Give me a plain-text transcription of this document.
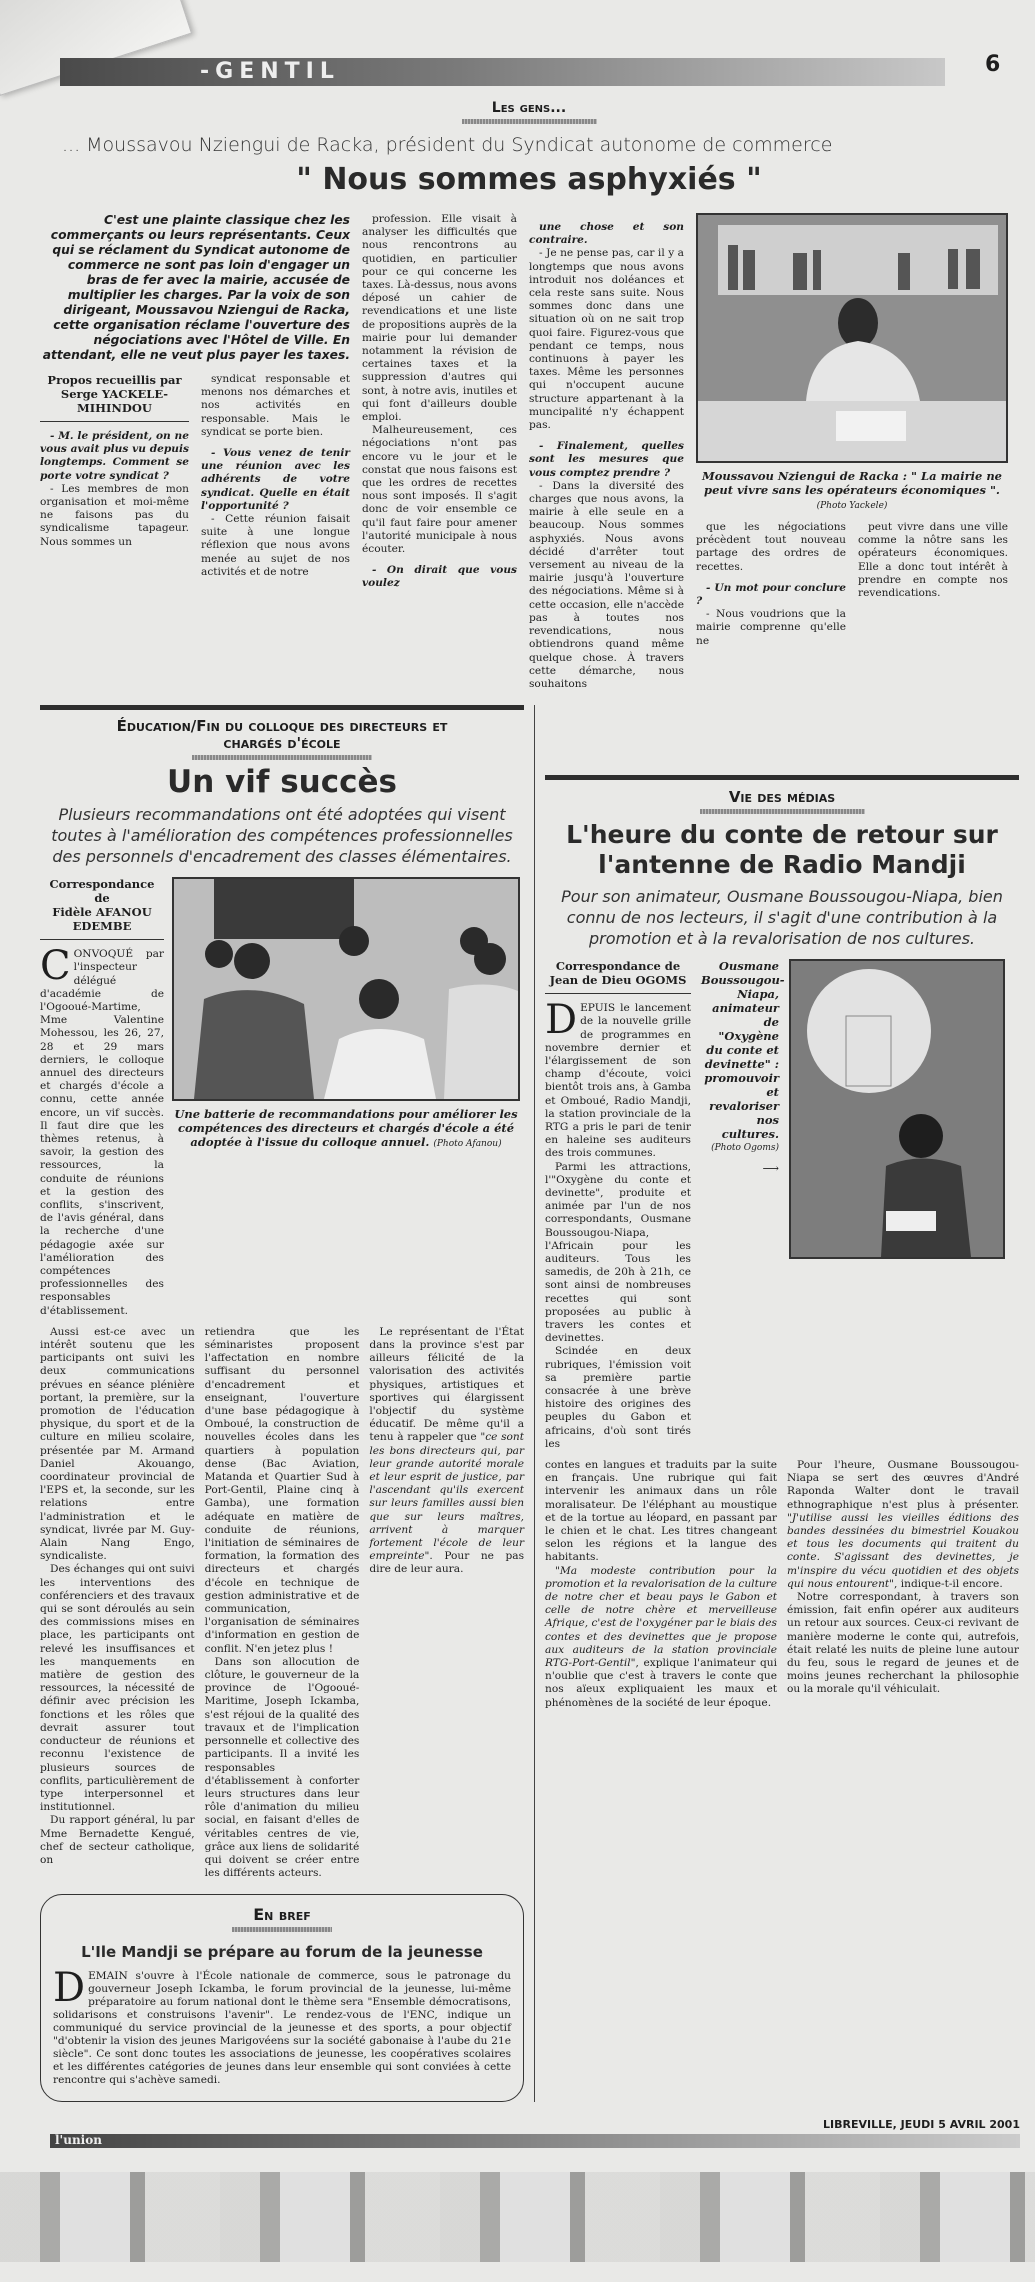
-GENTIL	6
Les gens...
... Moussavou Nziengui de Racka, président du Syndicat autonome de commerce
" Nous sommes asphyxiés "
C'est une plainte classique chez les commerçants ou leurs représentants. Ceux qui se réclament du Syndicat autonome de commerce ne sont pas loin d'engager un bras de fer avec la mairie, accusée de multiplier les charges. Par la voix de son dirigeant, Moussavou Nziengui de Racka, cette organisation réclame l'ouverture des négociations avec l'Hôtel de Ville. En attendant, elle ne veut plus payer les taxes.
Propos recueillis par
Serge YACKELE-MIHINDOU

- M. le président, on ne vous avait plus vu depuis longtemps. Comment se porte votre syndicat ?

- Les membres de mon organisation et moi-même ne faisons pas du syndicalisme tapageur. Nous sommes un

syndicat responsable et menons nos démarches et nos activités en responsable. Mais le syndicat se porte bien.

- Vous venez de tenir une réunion avec les adhérents de votre syndicat. Quelle en était l'opportunité ?

- Cette réunion faisait suite à une longue réflexion que nous avons menée au sujet de nos activités et de notre

profession. Elle visait à analyser les difficultés que nous rencontrons au quotidien, en particulier pour ce qui concerne les taxes. Là-dessus, nous avons déposé un cahier de revendications et une liste de propositions auprès de la mairie pour lui demander notamment la révision de certaines taxes et la suppression d'autres qui sont, à notre avis, inutiles et qui font d'ailleurs double emploi.

Malheureusement, ces négociations n'ont pas encore vu le jour et le constat que nous faisons est que les ordres de recettes nous sont imposés. Il s'agit donc de voir ensemble ce qu'il faut faire pour amener l'autorité municipale à nous écouter.

- On dirait que vous voulez

une chose et son contraire.

- Je ne pense pas, car il y a longtemps que nous avons introduit nos doléances et cela reste sans suite. Nous sommes donc dans une situation où on ne sait trop quoi faire. Figurez-vous que pendant ce temps, nous continuons à payer les taxes. Même les personnes qui n'occupent aucune structure appartenant à la muncipalité n'y échappent pas.

- Finalement, quelles sont les mesures que vous comptez prendre ?

- Dans la diversité des charges que nous avons, la mairie à elle seule en a beaucoup. Nous sommes asphyxiés. Nous avons décidé d'arrêter tout versement au niveau de la mairie jusqu'à l'ouverture des négociations. Même si à cette occasion, elle n'accède pas à toutes nos revendications, nous obtiendrons quand même quelque chose. À travers cette démarche, nous souhaitons

Moussavou Nziengui de Racka : " La mairie ne peut vivre sans les opérateurs économiques ". (Photo Yackele)

que les négociations précèdent tout nouveau partage des ordres de recettes.

- Un mot pour conclure ?

- Nous voudrions que la mairie comprenne qu'elle ne

peut vivre dans une ville comme la nôtre sans les opérateurs économiques. Elle a donc tout intérêt à prendre en compte nos revendications.

Éducation/Fin du colloque des directeurs et
chargés d'école
Un vif succès
Plusieurs recommandations ont été adoptées qui visent toutes à l'amélioration des compétences professionnelles des personnels d'encadrement des classes élémentaires.
Correspondance de
Fidèle AFANOU EDEMBE

CONVOQUÉ par l'inspecteur délégué d'académie de l'Ogooué-Martime, Mme Valentine Mohessou, les 26, 27, 28 et 29 mars derniers, le colloque annuel des directeurs et chargés d'école a connu, cette année encore, un vif succès. Il faut dire que les thèmes retenus, à savoir, la gestion des ressources, la conduite de réunions et la gestion des conflits, s'inscrivent, de l'avis général, dans la recherche d'une pédagogie axée sur l'amélioration des compétences professionnelles des responsables d'établissement.

Une batterie de recommandations pour améliorer les compétences des directeurs et chargés d'école a été adoptée à l'issue du colloque annuel. (Photo Afanou)

Aussi est-ce avec un intérêt soutenu que les participants ont suivi les deux communications prévues en séance plénière portant, la première, sur la promotion de l'éducation physique, du sport et de la culture en milieu scolaire, présentée par M. Armand Daniel Akouango, coordinateur provincial de l'EPS et, la seconde, sur les relations entre l'administration et le syndicat, livrée par M. Guy-Alain Nang Engo, syndicaliste.

Des échanges qui ont suivi les interventions des conférenciers et des travaux qui se sont déroulés au sein des commissions mises en place, les participants ont relevé les insuffisances et les manquements en matière de gestion des ressources, la nécessité de définir avec précision les fonctions et les rôles que devrait assurer tout conducteur de réunions et reconnu l'existence de plusieurs sources de conflits, particulièrement de type interpersonnel et institutionnel.

Du rapport général, lu par Mme Bernadette Kengué, chef de secteur catholique, on

retiendra que les séminaristes proposent l'affectation en nombre suffisant du personnel d'encadrement et enseignant, l'ouverture d'une base pédagogique à Omboué, la construction de nouvelles écoles dans les quartiers à population dense (Bac Aviation, Matanda et Quartier Sud à Port-Gentil, Plaine cinq à Gamba), une formation adéquate en matière de conduite de réunions, l'initiation de séminaires de formation, la formation des directeurs et chargés d'école en technique de gestion administrative et de communication, l'organisation de séminaires d'information en gestion de conflit. N'en jetez plus !

Dans son allocution de clôture, le gouverneur de la province de l'Ogooué-Maritime, Joseph Ickamba, s'est réjoui de la qualité des travaux et de l'implication personnelle et collective des participants. Il a invité les responsables d'établissement à conforter leurs structures dans leur rôle d'animation du milieu social, en faisant d'elles de véritables centres de vie, grâce aux liens de solidarité qui doivent se créer entre les différents acteurs.

Le représentant de l'État dans la province s'est par ailleurs félicité de la valorisation des activités physiques, artistiques et sportives qui élargissent l'objectif du système éducatif. De même qu'il a tenu à rappeler que "ce sont les bons directeurs qui, par leur grande autorité morale et leur esprit de justice, par l'ascendant qu'ils exercent sur leurs familles aussi bien que sur leurs maîtres, arrivent à marquer fortement l'école de leur empreinte". Pour ne pas dire de leur aura.

En bref
L'Ile Mandji se prépare au forum de la jeunesse

DEMAIN s'ouvre à l'École nationale de commerce, sous le patronage du gouverneur Joseph Ickamba, le forum provincial de la jeunesse, lui-même préparatoire au forum national dont le thème sera "Ensemble démocratisons, solidarisons et construisons l'avenir". Le rendez-vous de l'ENC, indique un communiqué du service provincial de la jeunesse et des sports, a pour objectif "d'obtenir la vision des jeunes Marigovéens sur la société gabonaise à l'aube du 21e siècle". Ce sont donc toutes les associations de jeunesse, les coopératives scolaires et les différentes catégories de jeunes dans leur ensemble qui sont conviées à cette rencontre qui s'achève samedi.

Vie des médias
L'heure du conte de retour sur l'antenne de Radio Mandji
Pour son animateur, Ousmane Boussougou-Niapa, bien connu de nos lecteurs, il s'agit d'une contribution à la promotion et à la revalorisation de nos cultures.
Correspondance de
Jean de Dieu OGOMS

DEPUIS le lancement de la nouvelle grille de programmes en novembre dernier et l'élargissement de son champ d'écoute, voici bientôt trois ans, à Gamba et Omboué, Radio Mandji, la station provinciale de la RTG a pris le pari de tenir en haleine ses auditeurs des trois communes.

Parmi les attractions, l'"Oxygène du conte et devinette", produite et animée par l'un de nos correspondants, Ousmane Boussougou-Niapa, l'Africain pour les auditeurs. Tous les samedis, de 20h à 21h, ce sont ainsi de nombreuses recettes qui sont proposées au public à travers les contes et devinettes.

Scindée en deux rubriques, l'émission voit sa première partie consacrée à une brève histoire des origines des peuples du Gabon et africains, d'où sont tirés les

Ousmane Boussougou-Niapa, animateur de "Oxygène du conte et devinette" : promouvoir et revaloriser nos cultures.
(Photo Ogoms)
⟶

contes en langues et traduits par la suite en français. Une rubrique qui fait intervenir les animaux dans un rôle moralisateur. De l'éléphant au moustique et de la tortue au léopard, en passant par le chien et le chat. Les titres changeant selon les régions et la langue des habitants.

"Ma modeste contribution pour la promotion et la revalorisation de la culture de notre cher et beau pays le Gabon et celle de notre chère et merveilleuse Afrique, c'est de l'oxygéner par le biais des contes et des devinettes que je propose aux auditeurs de la station provinciale RTG-Port-Gentil", explique l'animateur qui n'oublie que c'est à travers le conte que nos aïeux expliquaient les maux et phénomènes de la société de leur époque.

Pour l'heure, Ousmane Boussougou-Niapa se sert des œuvres d'André Raponda Walter dont le travail ethnographique n'est plus à présenter. "J'utilise aussi les vieilles éditions des bandes dessinées du bimestriel Kouakou et tous les documents qui traitent du conte. S'agissant des devinettes, je m'inspire du vécu quotidien et des objets qui nous entourent", indique-t-il encore.

Notre correspondant, à travers son émission, fait enfin opérer aux auditeurs un retour aux sources. Ceux-ci revivant de manière moderne le conte qui, autrefois, était relaté les nuits de pleine lune autour du feu, sous le regard de jeunes et de moins jeunes recherchant la philosophie ou la morale qu'il véhiculait.

l'union
LIBREVILLE, JEUDI 5 AVRIL 2001
